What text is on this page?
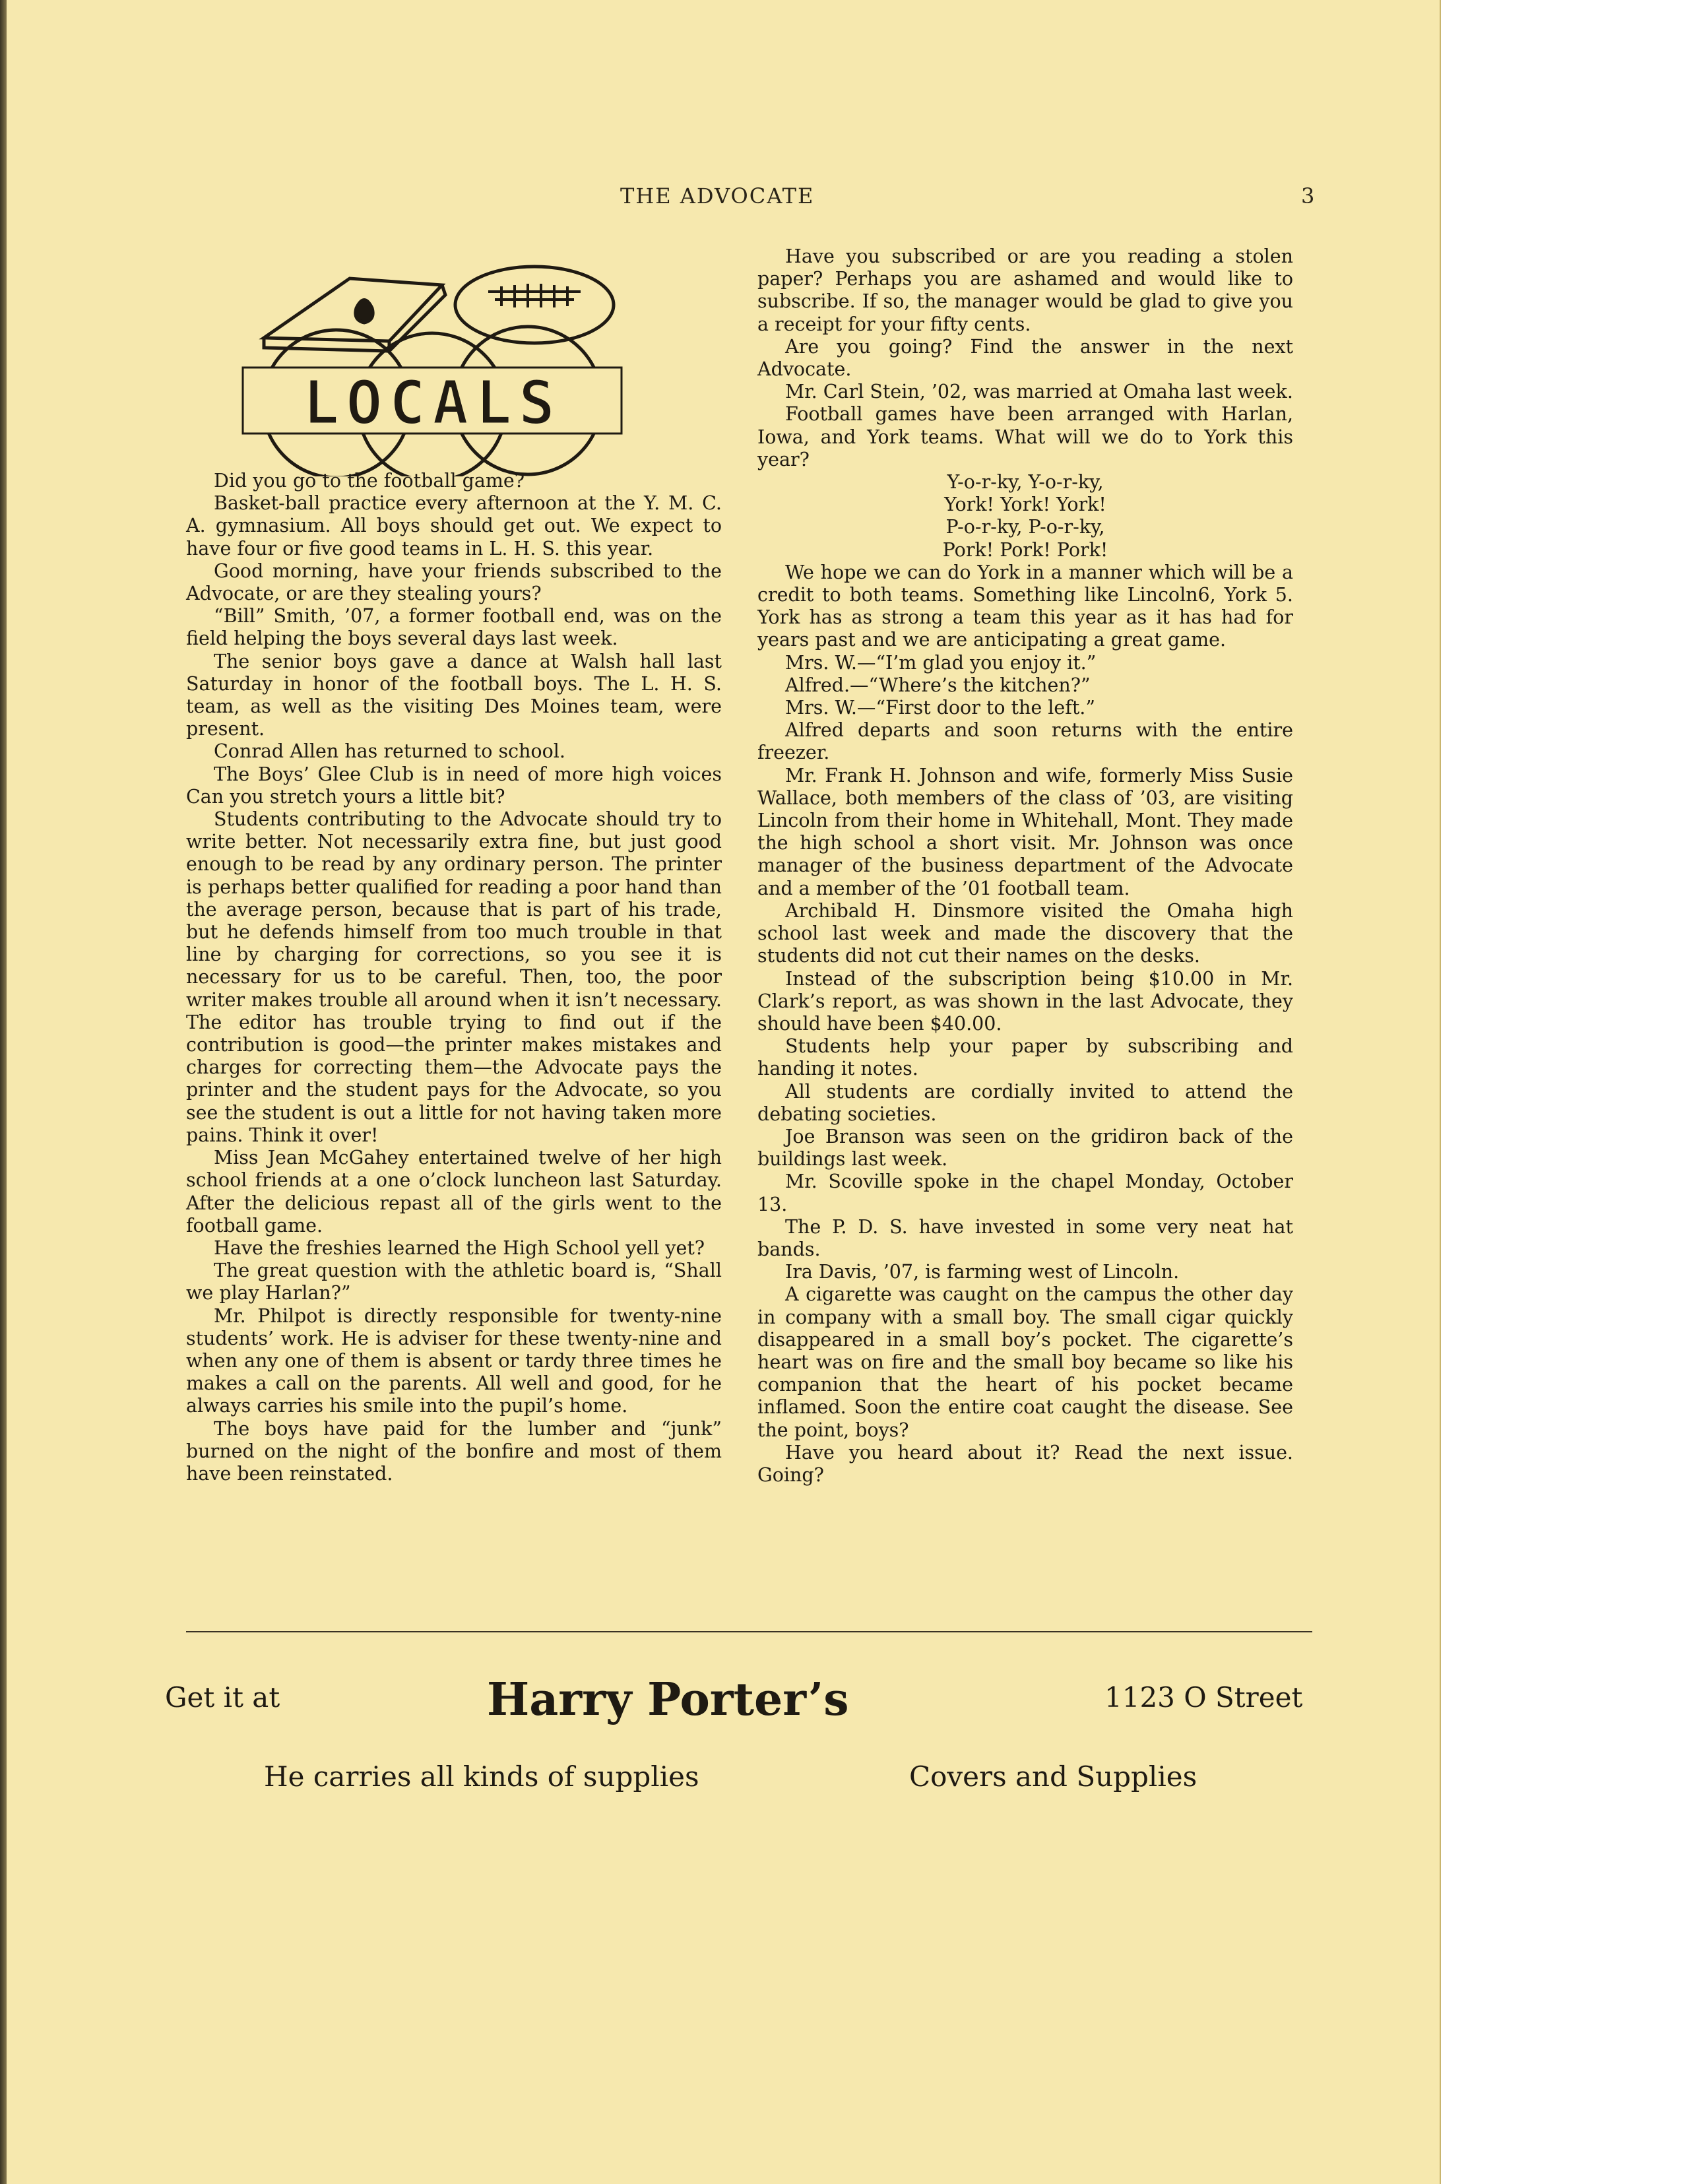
THE ADVOCATE	3
LOCALS

Did you go to the football game?

Basket-ball practice every afternoon at the Y. M. C. A. gymnasium. All boys should get out. We expect to have four or five good teams in L. H. S. this year.

Good morning, have your friends subscribed to the Advocate, or are they stealing yours?

“Bill” Smith, ’07, a former football end, was on the field helping the boys several days last week.

The senior boys gave a dance at Walsh hall last Saturday in honor of the football boys. The L. H. S. team, as well as the visiting Des Moines team, were present.

Conrad Allen has returned to school.

The Boys’ Glee Club is in need of more high voices Can you stretch yours a little bit?

Students contributing to the Advocate should try to write better. Not necessarily extra fine, but just good enough to be read by any ordinary person. The printer is perhaps better qualified for reading a poor hand than the average person, because that is part of his trade, but he defends himself from too much trouble in that line by charging for corrections, so you see it is necessary for us to be careful. Then, too, the poor writer makes trouble all around when it isn’t necessary. The editor has trouble trying to find out if the contribution is good—the printer makes mistakes and charges for correcting them—the Advocate pays the printer and the student pays for the Advocate, so you see the student is out a little for not having taken more pains. Think it over!

Miss Jean McGahey entertained twelve of her high school friends at a one o’clock luncheon last Saturday. After the delicious repast all of the girls went to the football game.

Have the freshies learned the High School yell yet?

The great question with the athletic board is, “Shall we play Harlan?”

Mr. Philpot is directly responsible for twenty-nine students’ work. He is adviser for these twenty-nine and when any one of them is absent or tardy three times he makes a call on the parents. All well and good, for he always carries his smile into the pupil’s home.

The boys have paid for the lumber and “junk” burned on the night of the bonfire and most of them have been reinstated.

Have you subscribed or are you reading a stolen paper? Perhaps you are ashamed and would like to subscribe. If so, the manager would be glad to give you a receipt for your fifty cents.

Are you going? Find the answer in the next Advocate.

Mr. Carl Stein, ’02, was married at Omaha last week.

Football games have been arranged with Harlan, Iowa, and York teams. What will we do to York this year?

Y-o-r-ky, Y-o-r-ky,

York! York! York!

P-o-r-ky, P-o-r-ky,

Pork! Pork! Pork!

We hope we can do York in a manner which will be a credit to both teams. Something like Lincoln6, York 5. York has as strong a team this year as it has had for years past and we are anticipating a great game.

Mrs. W.—“I’m glad you enjoy it.”

Alfred.—“Where’s the kitchen?”

Mrs. W.—“First door to the left.”

Alfred departs and soon returns with the entire freezer.

Mr. Frank H. Johnson and wife, formerly Miss Susie Wallace, both members of the class of ’03, are visiting Lincoln from their home in Whitehall, Mont. They made the high school a short visit. Mr. Johnson was once manager of the business department of the Advocate and a member of the ’01 football team.

Archibald H. Dinsmore visited the Omaha high school last week and made the discovery that the students did not cut their names on the desks.

Instead of the subscription being $10.00 in Mr. Clark’s report, as was shown in the last Advocate, they should have been $40.00.

Students help your paper by subscribing and handing it notes.

All students are cordially invited to attend the debating societies.

Joe Branson was seen on the gridiron back of the buildings last week.

Mr. Scoville spoke in the chapel Monday, October 13.

The P. D. S. have invested in some very neat hat bands.

Ira Davis, ’07, is farming west of Lincoln.

A cigarette was caught on the campus the other day in company with a small boy. The small cigar quickly disappeared in a small boy’s pocket. The cigarette’s heart was on fire and the small boy became so like his companion that the heart of his pocket became inflamed. Soon the entire coat caught the disease. See the point, boys?

Have you heard about it? Read the next issue. Going?

Get it at	Harry Porter’s	1123 O Street
He carries all kinds of supplies	Covers and Supplies
